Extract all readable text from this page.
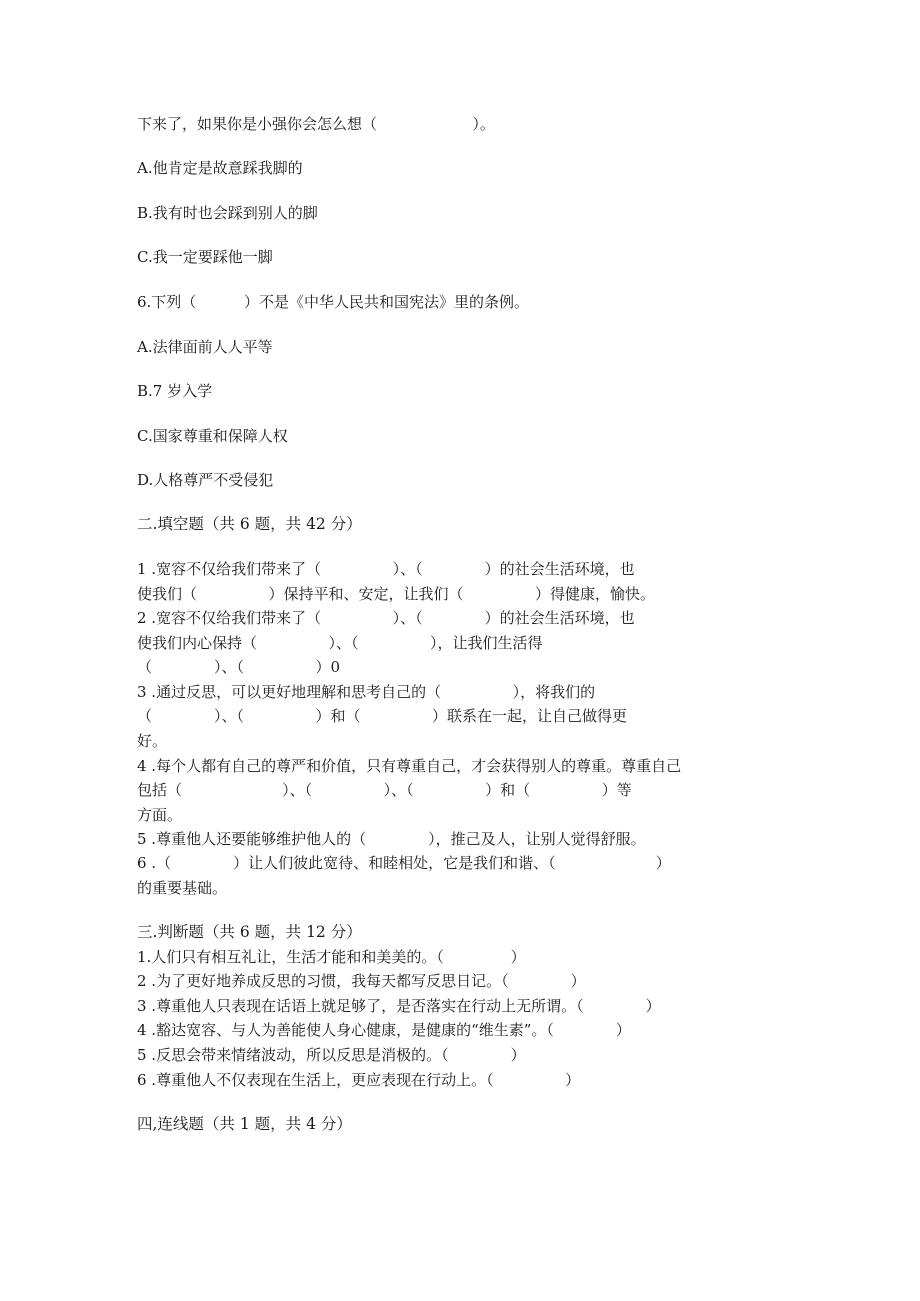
下来了，如果你是小强你会怎么想（                    ）。
A.他肯定是故意踩我脚的
B.我有时也会踩到别人的脚
C.我一定要踩他一脚
6.下列（          ）不是《中华人民共和国宪法》里的条例。
A.法律面前人人平等
B.7 岁入学
C.国家尊重和保障人权
D.人格尊严不受侵犯
二.填空题（共 6 题，共 42 分）
1 .宽容不仅给我们带来了（               ）、（             ）的社会生活环境，也
使我们（               ）保持平和、安定，让我们（               ）得健康，愉快。
2 .宽容不仅给我们带来了（               ）、（             ）的社会生活环境，也
使我们内心保持（               ）、（               ），让我们生活得
（             ）、（               ）0
3 .通过反思，可以更好地理解和思考自己的（               ），将我们的
（             ）、（               ）和（               ）联系在一起，让自己做得更
好。
4 .每个人都有自己的尊严和价值，只有尊重自己，才会获得别人的尊重。尊重自己
包括（                     ）、（               ）、（               ）和（               ）等
方面。
5 .尊重他人还要能够维护他人的（             ），推己及人，让别人觉得舒服。
6 .（             ）让人们彼此宽待、和睦相处，它是我们和谐、（                     ）
的重要基础。
三.判断题（共 6 题，共 12 分）
1.人们只有相互礼让，生活才能和和美美的。（              ）
2 .为了更好地养成反思的习惯，我每天都写反思日记。（             ）
3 .尊重他人只表现在话语上就足够了，是否落实在行动上无所谓。（             ）
4 .豁达宽容、与人为善能使人身心健康，是健康的“维生素”。（             ）
5 .反思会带来情绪波动，所以反思是消极的。（             ）
6 .尊重他人不仅表现在生活上，更应表现在行动上。（               ）
四,连线题（共 1 题，共 4 分）
